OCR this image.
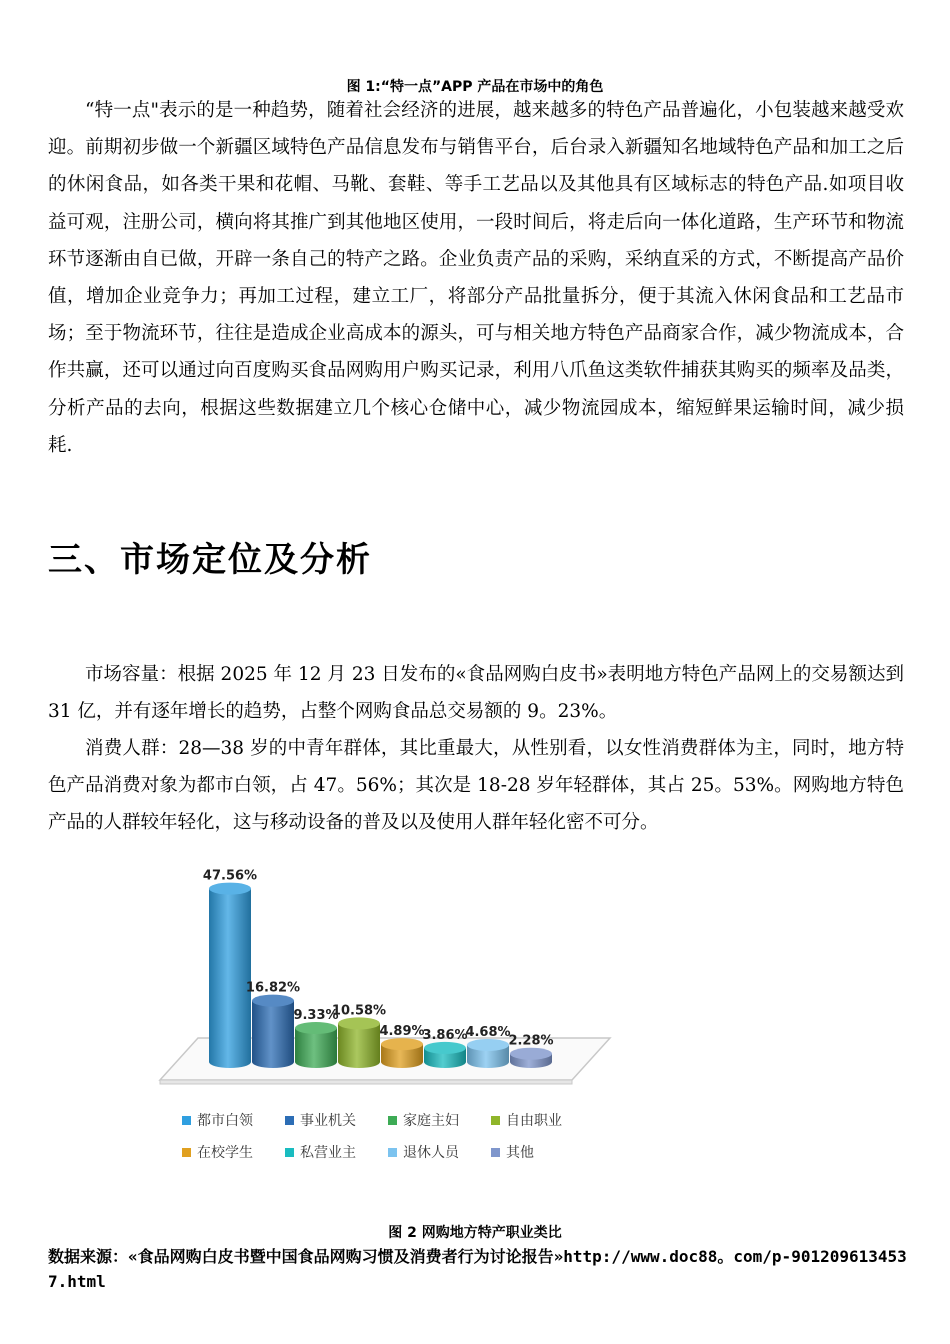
图 1:“特一点”APP 产品在市场中的角色

“特一点"表示的是一种趋势，随着社会经济的进展，越来越多的特色产品普遍化，小包装越来越受欢迎。前期初步做一个新疆区域特色产品信息发布与销售平台，后台录入新疆知名地域特色产品和加工之后的休闲食品，如各类干果和花帽、马靴、套鞋、等手工艺品以及其他具有区域标志的特色产品.如项目收益可观，注册公司，横向将其推广到其他地区使用，一段时间后，将走后向一体化道路，生产环节和物流环节逐渐由自已做，开辟一条自己的特产之路。企业负责产品的采购，采纳直采的方式，不断提高产品价值，增加企业竞争力；再加工过程，建立工厂，将部分产品批量拆分，便于其流入休闲食品和工艺品市场；至于物流环节，往往是造成企业高成本的源头，可与相关地方特色产品商家合作，减少物流成本，合作共赢，还可以通过向百度购买食品网购用户购买记录，利用八爪鱼这类软件捕获其购买的频率及品类，分析产品的去向，根据这些数据建立几个核心仓储中心，减少物流园成本，缩短鲜果运输时间，减少损耗.

三、市场定位及分析

市场容量：根据 2025 年 12 月 23 日发布的«食品网购白皮书»表明地方特色产品网上的交易额达到 31 亿，并有逐年增长的趋势，占整个网购食品总交易额的 9。23%。

消费人群：28—38 岁的中青年群体，其比重最大，从性别看，以女性消费群体为主，同时，地方特色产品消费对象为都市白领，占 47。56%；其次是 18-28 岁年轻群体，其占 25。53%。网购地方特色产品的人群较年轻化，这与移动设备的普及以及使用人群年轻化密不可分。

47.56%
16.82%
9.33%
10.58%
4.89%
3.86%
4.68%
2.28%
都市白领	事业机关	家庭主妇	自由职业
在校学生	私营业主	退休人员	其他
图 2 网购地方特产职业类比

数据来源：«食品网购白皮书暨中国食品网购习惯及消费者行为讨论报告»http://www.doc88。com/p-9012096134537.html
